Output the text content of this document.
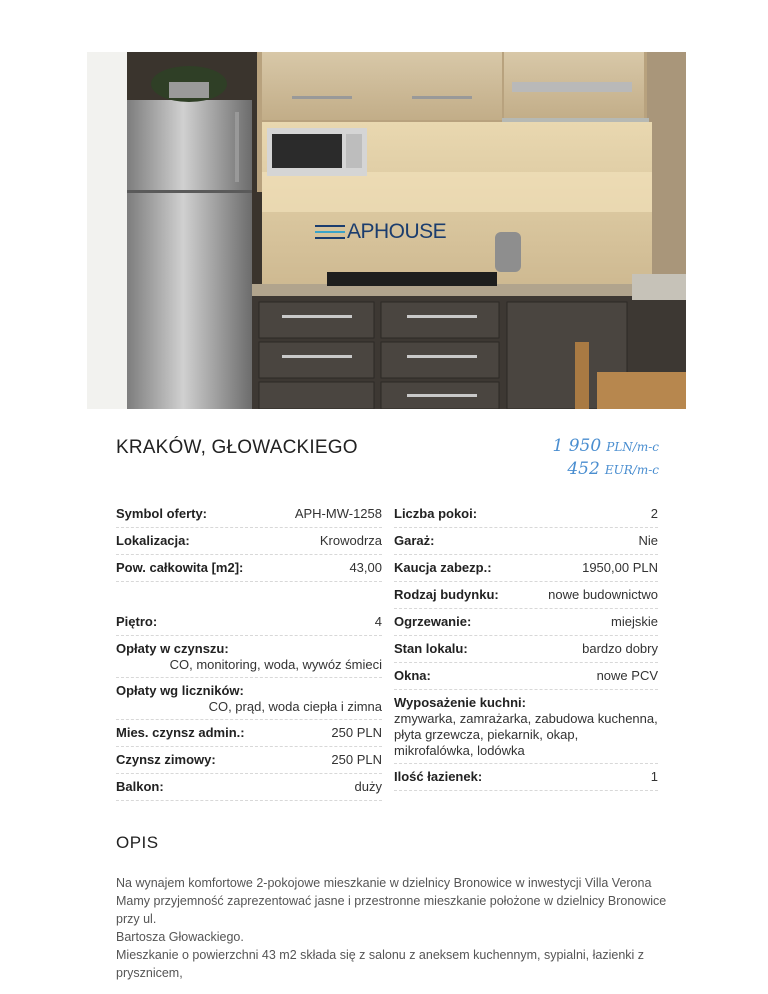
APHOUSE
KRAKÓW, GŁOWACKIEGO	1 950 PLN/m-c
452 EUR/m-c
Symbol oferty:	APH-MW-1258
Lokalizacja:	Krowodrza
Pow. całkowita [m2]:	43,00
Piętro:	4
Opłaty w czynszu:
CO, monitoring, woda, wywóz śmieci
Opłaty wg liczników:
CO, prąd, woda ciepła i zimna
Mies. czynsz admin.:	250 PLN
Czynsz zimowy:	250 PLN
Balkon:	duży
Liczba pokoi:	2
Garaż:	Nie
Kaucja zabezp.:	1950,00 PLN
Rodzaj budynku:	nowe budownictwo
Ogrzewanie:	miejskie
Stan lokalu:	bardzo dobry
Okna:	nowe PCV
Wyposażenie kuchni:
zmywarka, zamrażarka, zabudowa kuchenna, płyta grzewcza, piekarnik, okap, mikrofalówka, lodówka
Ilość łazienek:	1
OPIS

Na wynajem komfortowe 2-pokojowe mieszkanie w dzielnicy Bronowice w inwestycji Villa Verona

Mamy przyjemność zaprezentować jasne i przestronne mieszkanie położone w dzielnicy Bronowice przy ul.

Bartosza Głowackiego.

Mieszkanie o powierzchni 43 m2 składa się z salonu z aneksem kuchennym, sypialni, łazienki z prysznicem,
